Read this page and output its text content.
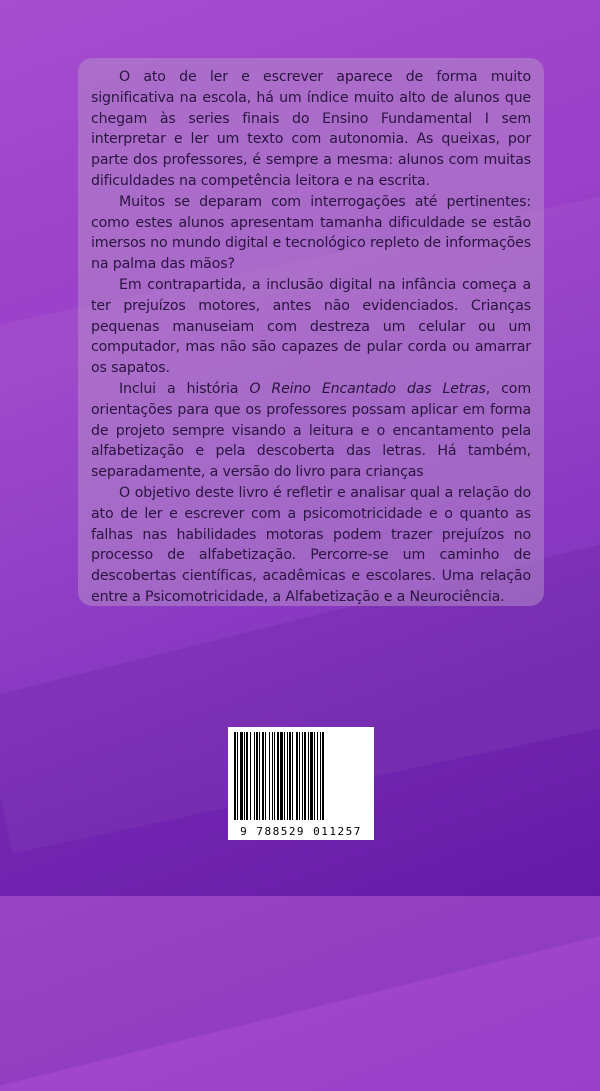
O ato de ler e escrever aparece de forma muito significativa na escola, há um índice muito alto de alunos que chegam às series finais do Ensino Fundamental I sem interpretar e ler um texto com autonomia. As queixas, por parte dos professores, é sempre a mesma: alunos com muitas dificuldades na competência leitora e na escrita.

Muitos se deparam com interrogações até pertinentes: como estes alunos apresentam tamanha dificuldade se estão imersos no mundo digital e tecnológico repleto de informações na palma das mãos?

Em contrapartida, a inclusão digital na infância começa a ter prejuízos motores, antes não evidenciados. Crianças pequenas manuseiam com destreza um celular ou um computador, mas não são capazes de pular corda ou amarrar os sapatos.

Inclui a história O Reino Encantado das Letras, com orientações para que os professores possam aplicar em forma de projeto sempre visando a leitura e o encantamento pela alfabetização e pela descoberta das letras. Há também, separadamente, a versão do livro para crianças

O objetivo deste livro é refletir e analisar qual a relação do ato de ler e escrever com a psicomotricidade e o quanto as falhas nas habilidades motoras podem trazer prejuízos no processo de alfabetização. Percorre-se um caminho de descobertas científicas, acadêmicas e escolares. Uma relação entre a Psicomotricidade, a Alfabetização e a Neurociência.

9 788529 011257
